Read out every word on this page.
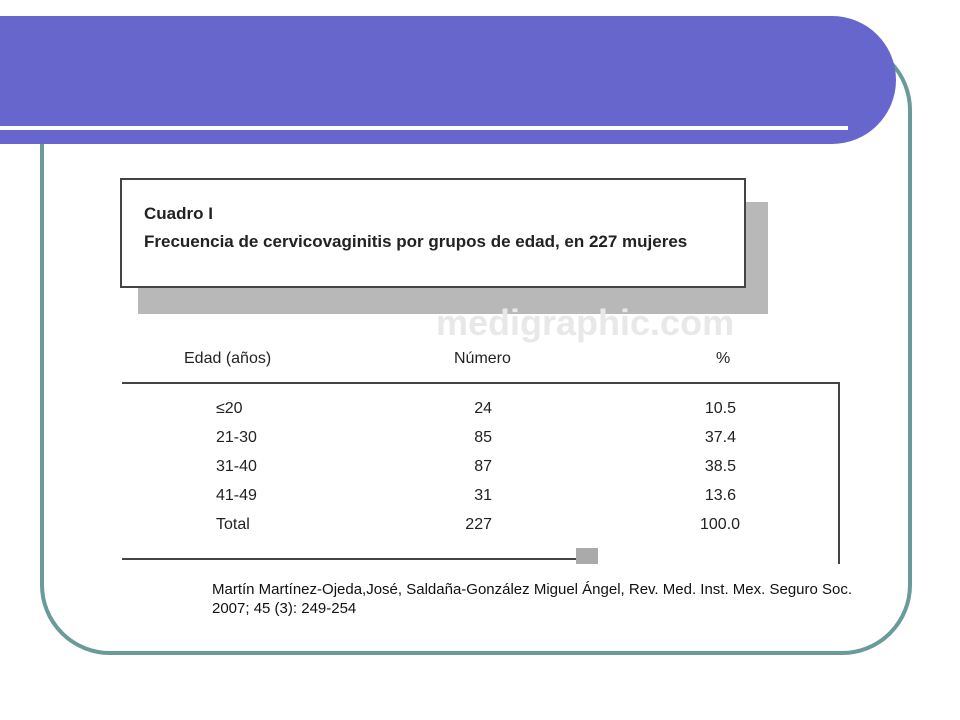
Cuadro I
Frecuencia de cervicovaginitis por grupos de edad, en 227 mujeres
medigraphic.com
Edad (años)	Número	%
≤20	24	10.5
21-30	85	37.4
31-40	87	38.5
41-49	31	13.6
Total	227	100.0
Martín Martínez-Ojeda,José, Saldaña-González Miguel Ángel, Rev. Med. Inst. Mex. Seguro Soc. 2007; 45 (3): 249-254
